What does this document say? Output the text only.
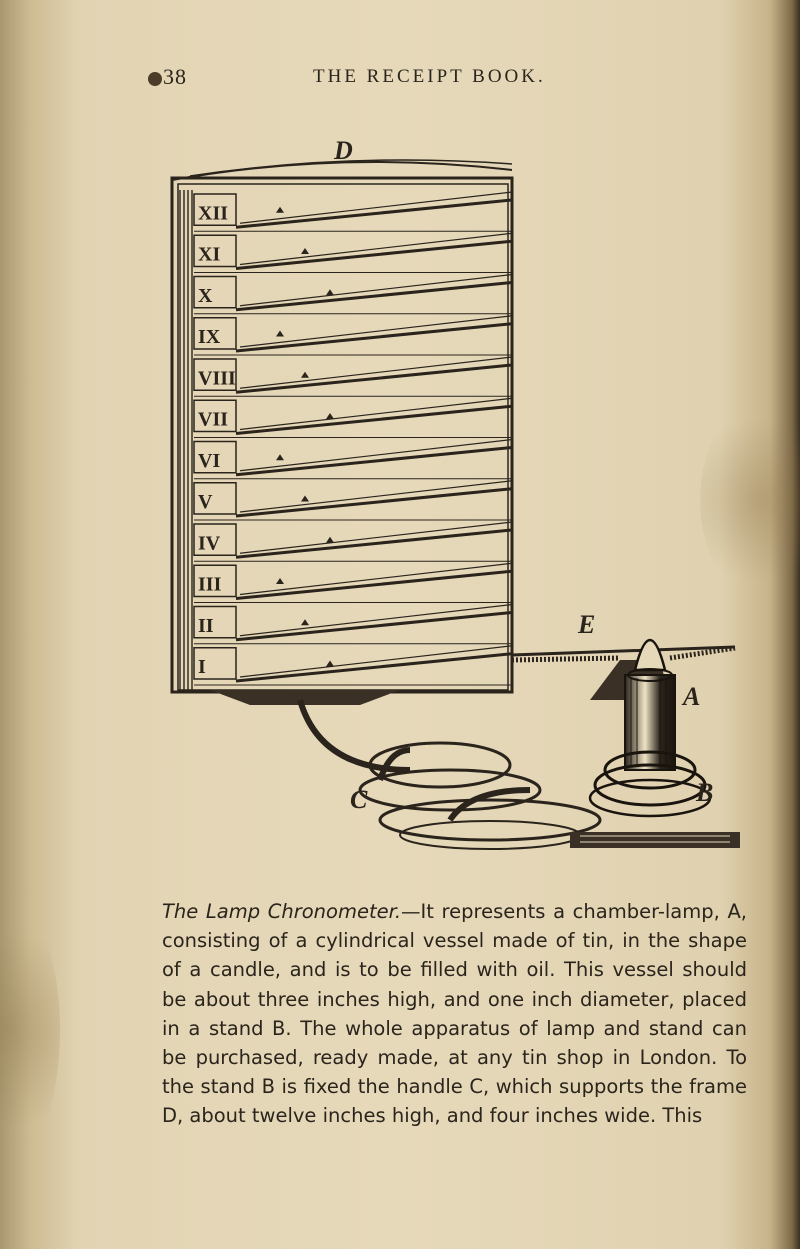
38	THE RECEIPT BOOK.
XII
XI
X
IX
VIII
VII
VI
V
IV
III
II
I
D
E
A
B
C
The Lamp Chronometer.—It represents a chamber-lamp, A, consisting of a cylindrical vessel made of tin, in the shape of a candle, and is to be filled with oil. This vessel should be about three inches high, and one inch diameter, placed in a stand B. The whole apparatus of lamp and stand can be purchased, ready made, at any tin shop in London. To the stand B is fixed the handle C, which supports the frame D, about twelve inches high, and four inches wide. This
